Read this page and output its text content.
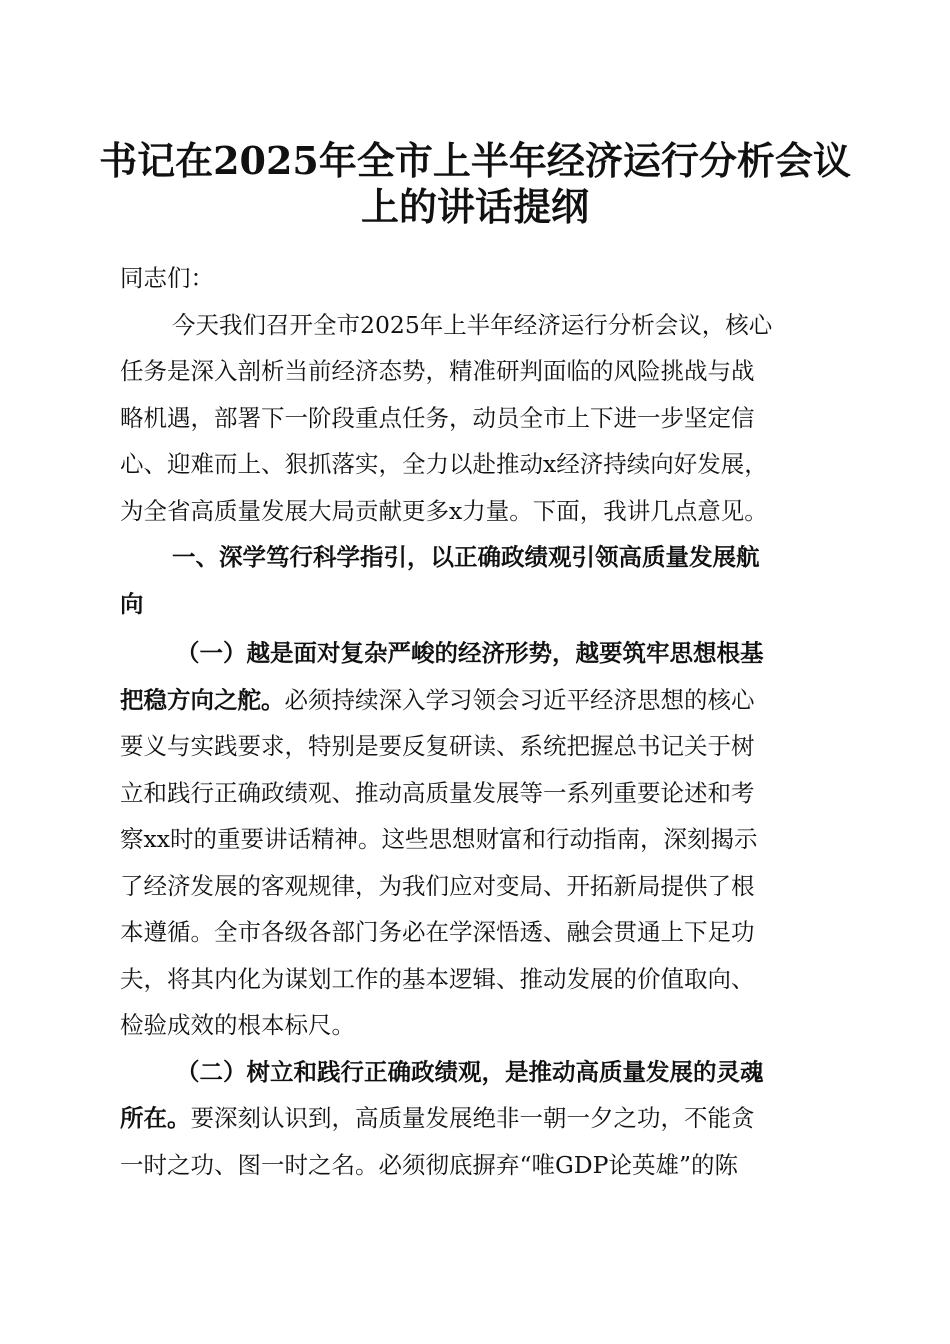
书记在2025年全市上半年经济运行分析会议
上的讲话提纲
同志们：
今天我们召开全市2025年上半年经济运行分析会议，核心
任务是深入剖析当前经济态势，精准研判面临的风险挑战与战
略机遇，部署下一阶段重点任务，动员全市上下进一步坚定信
心、迎难而上、狠抓落实，全力以赴推动x经济持续向好发展，
为全省高质量发展大局贡献更多x力量。下面，我讲几点意见。
一、深学笃行科学指引，以正确政绩观引领高质量发展航
向
（一）越是面对复杂严峻的经济形势，越要筑牢思想根基
把稳方向之舵。必须持续深入学习领会习近平经济思想的核心
要义与实践要求，特别是要反复研读、系统把握总书记关于树
立和践行正确政绩观、推动高质量发展等一系列重要论述和考
察xx时的重要讲话精神。这些思想财富和行动指南，深刻揭示
了经济发展的客观规律，为我们应对变局、开拓新局提供了根
本遵循。全市各级各部门务必在学深悟透、融会贯通上下足功
夫，将其内化为谋划工作的基本逻辑、推动发展的价值取向、
检验成效的根本标尺。
（二）树立和践行正确政绩观，是推动高质量发展的灵魂
所在。要深刻认识到，高质量发展绝非一朝一夕之功，不能贪
一时之功、图一时之名。必须彻底摒弃“唯GDP论英雄”的陈
